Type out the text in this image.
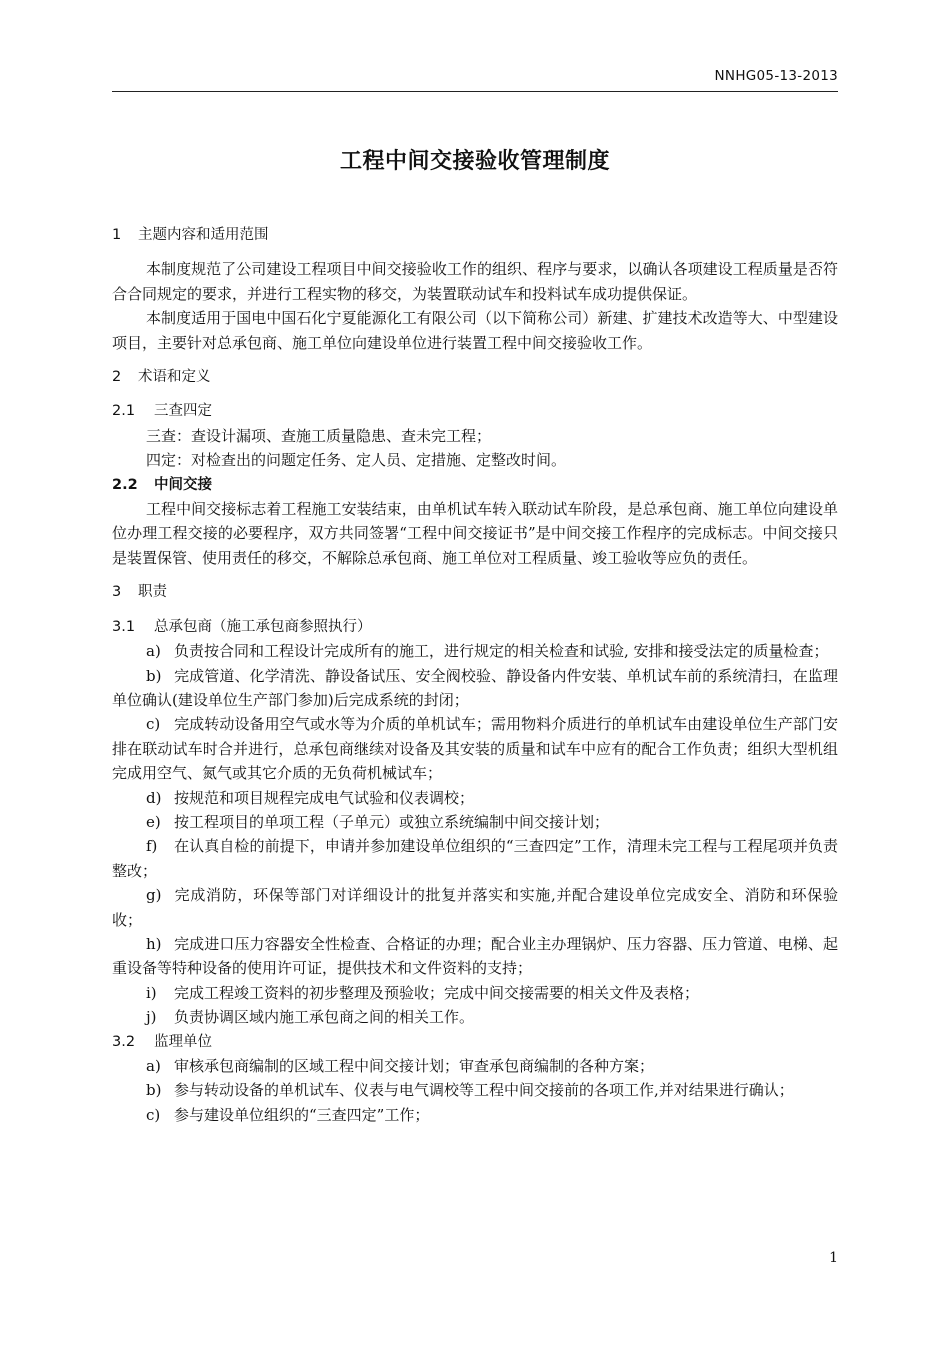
NNHG05-13-2013
工程中间交接验收管理制度
1 主题内容和适用范围
本制度规范了公司建设工程项目中间交接验收工作的组织、程序与要求，以确认各项建设工程质量是否符合合同规定的要求，并进行工程实物的移交，为装置联动试车和投料试车成功提供保证。
本制度适用于国电中国石化宁夏能源化工有限公司（以下简称公司）新建、扩建技术改造等大、中型建设项目，主要针对总承包商、施工单位向建设单位进行装置工程中间交接验收工作。
2 术语和定义
2.1 三查四定
三查：查设计漏项、查施工质量隐患、查未完工程；
四定：对检查出的问题定任务、定人员、定措施、定整改时间。
2.2 中间交接
工程中间交接标志着工程施工安装结束，由单机试车转入联动试车阶段，是总承包商、施工单位向建设单位办理工程交接的必要程序，双方共同签署“工程中间交接证书”是中间交接工作程序的完成标志。中间交接只是装置保管、使用责任的移交，不解除总承包商、施工单位对工程质量、竣工验收等应负的责任。
3 职责
3.1 总承包商（施工承包商参照执行）
a) 负责按合同和工程设计完成所有的施工，进行规定的相关检查和试验, 安排和接受法定的质量检查；
b) 完成管道、化学清洗、静设备试压、安全阀校验、静设备内件安装、单机试车前的系统清扫，在监理单位确认(建设单位生产部门参加)后完成系统的封闭；
c) 完成转动设备用空气或水等为介质的单机试车；需用物料介质进行的单机试车由建设单位生产部门安排在联动试车时合并进行，总承包商继续对设备及其安装的质量和试车中应有的配合工作负责；组织大型机组完成用空气、氮气或其它介质的无负荷机械试车；
d) 按规范和项目规程完成电气试验和仪表调校；
e) 按工程项目的单项工程（子单元）或独立系统编制中间交接计划；
f) 在认真自检的前提下，申请并参加建设单位组织的“三查四定”工作，清理未完工程与工程尾项并负责整改；
g) 完成消防，环保等部门对详细设计的批复并落实和实施,并配合建设单位完成安全、消防和环保验收；
h) 完成进口压力容器安全性检查、合格证的办理；配合业主办理锅炉、压力容器、压力管道、电梯、起重设备等特种设备的使用许可证，提供技术和文件资料的支持；
i) 完成工程竣工资料的初步整理及预验收；完成中间交接需要的相关文件及表格；
j) 负责协调区域内施工承包商之间的相关工作。
3.2 监理单位
a) 审核承包商编制的区域工程中间交接计划；审查承包商编制的各种方案；
b) 参与转动设备的单机试车、仪表与电气调校等工程中间交接前的各项工作,并对结果进行确认；
c) 参与建设单位组织的“三查四定”工作；
1
